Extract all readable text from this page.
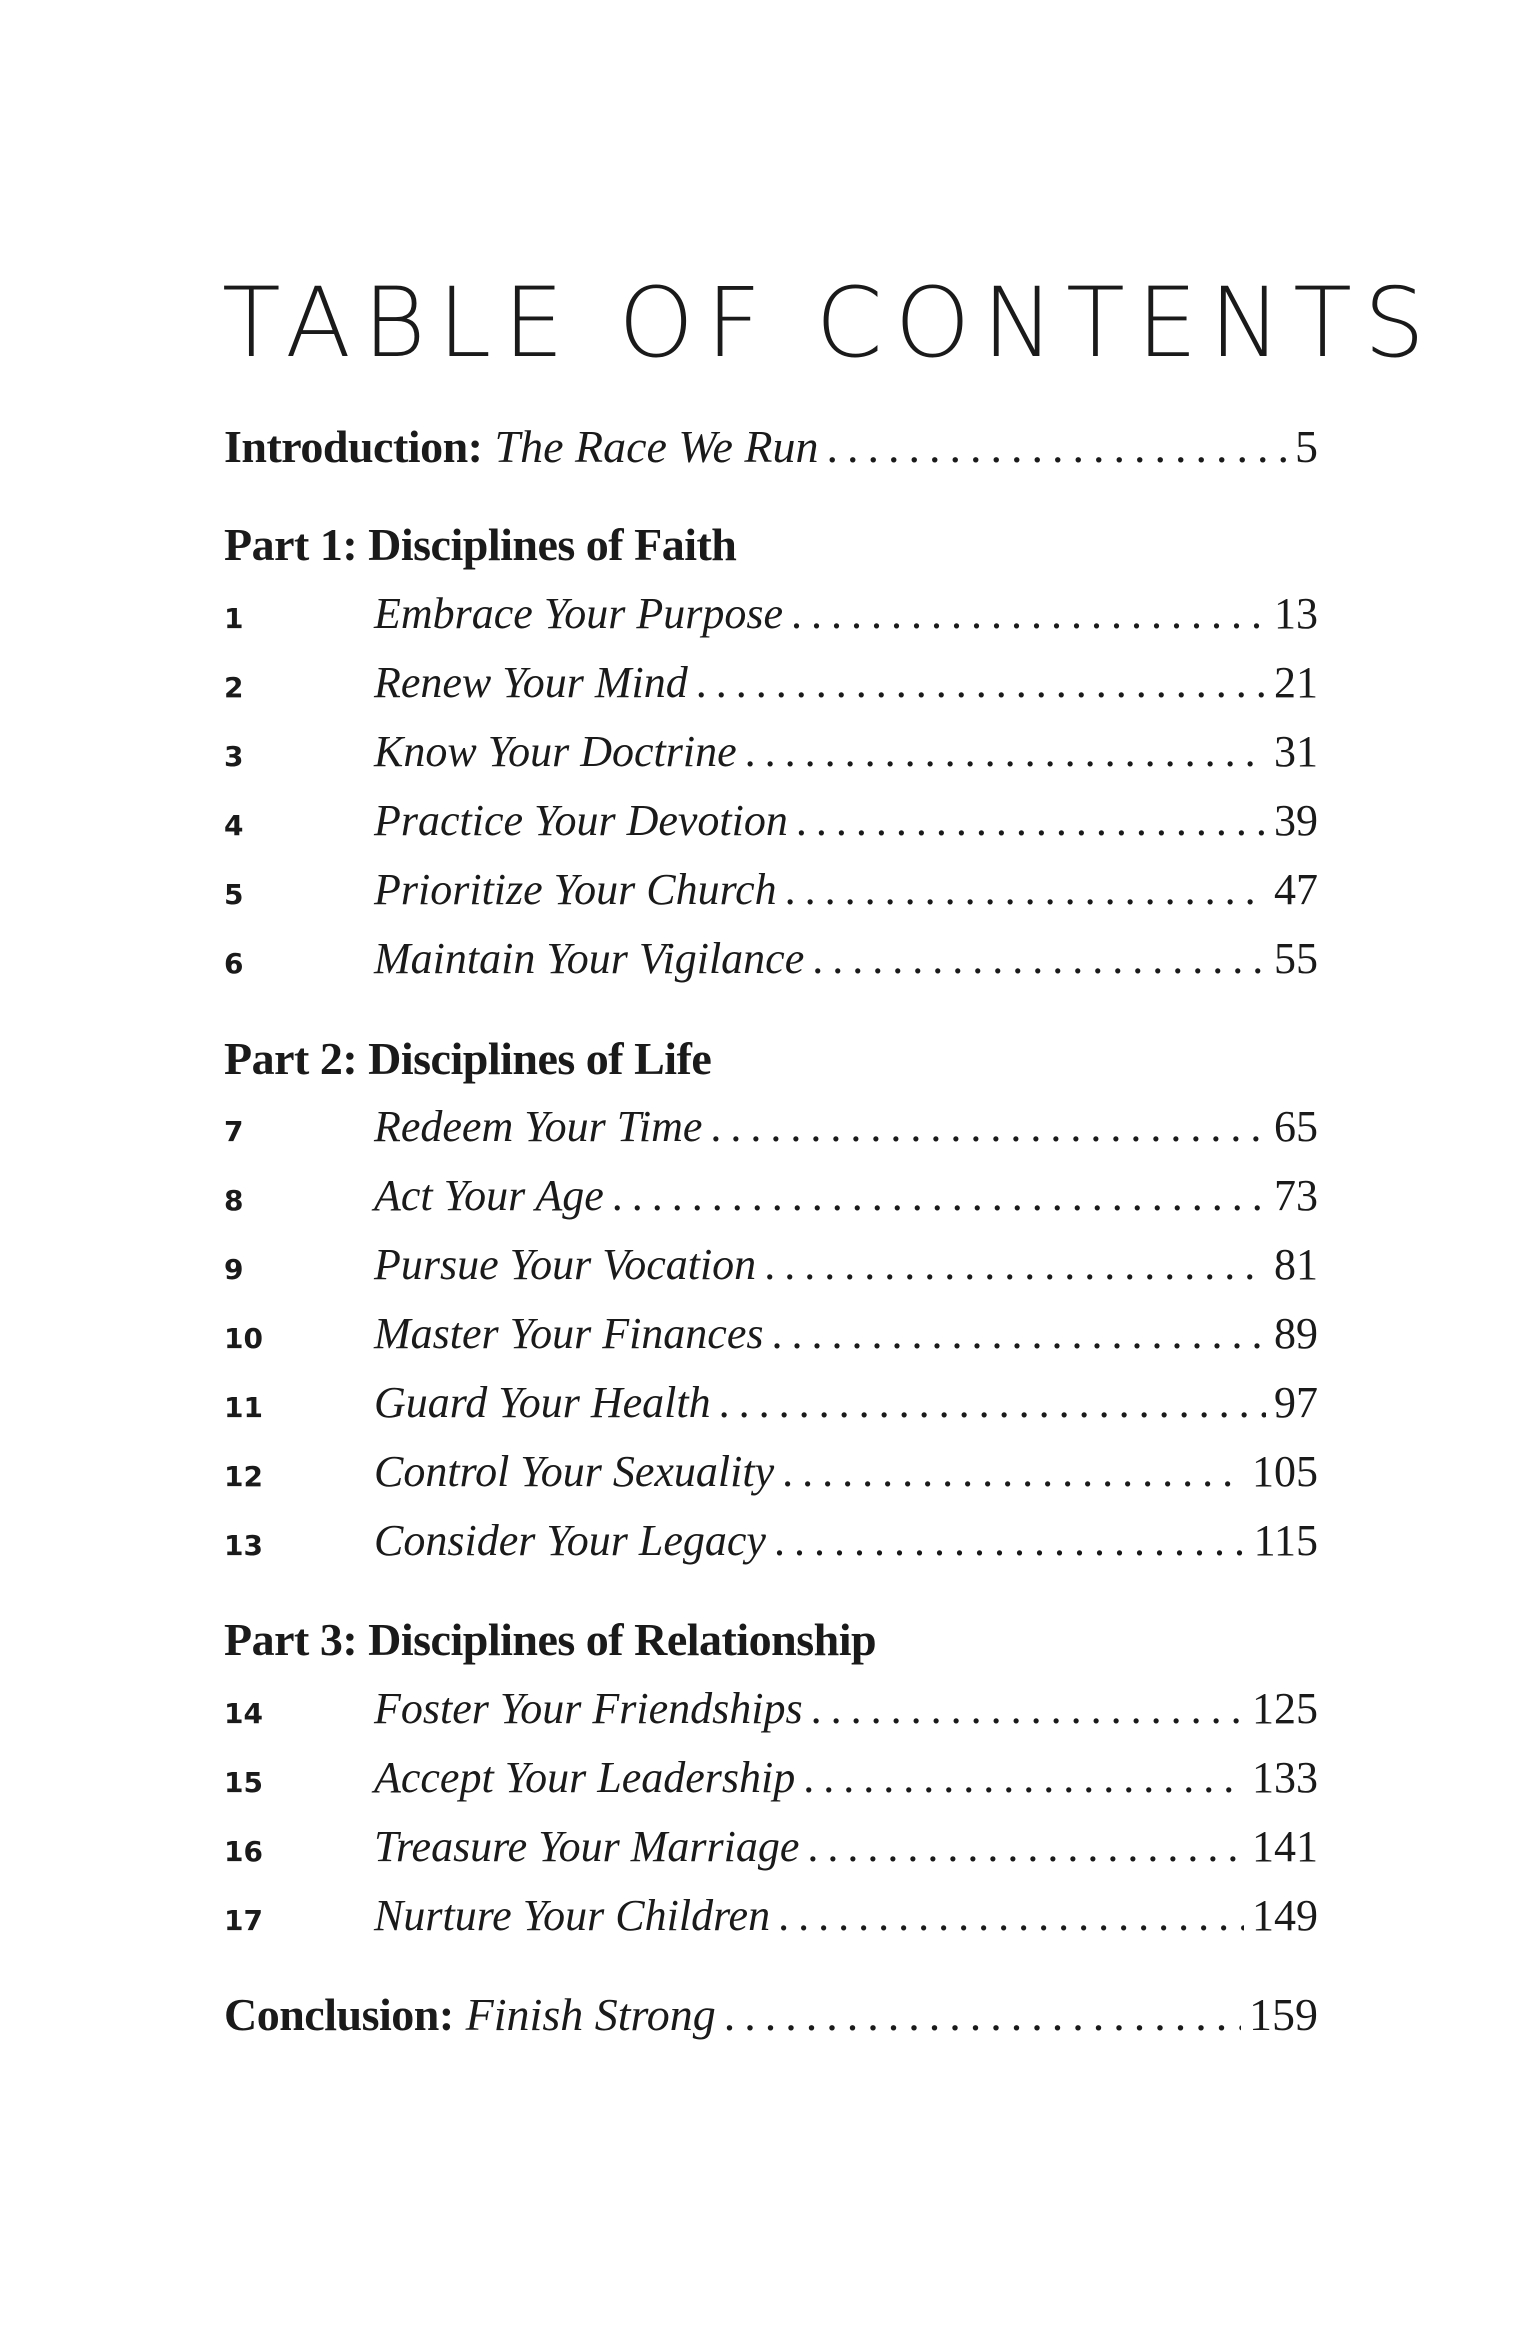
TABLE OF CONTENTS
Introduction: The Race We Run .....	5
Part 1: Disciplines of Faith
1	Embrace Your Purpose .....	13
2	Renew Your Mind .....	21
3	Know Your Doctrine .....	31
4	Practice Your Devotion .....	39
5	Prioritize Your Church .....	47
6	Maintain Your Vigilance .....	55
Part 2: Disciplines of Life
7	Redeem Your Time .....	65
8	Act Your Age .....	73
9	Pursue Your Vocation .....	81
10	Master Your Finances .....	89
11	Guard Your Health .....	97
12	Control Your Sexuality .....	105
13	Consider Your Legacy .....	115
Part 3: Disciplines of Relationship
14	Foster Your Friendships .....	125
15	Accept Your Leadership .....	133
16	Treasure Your Marriage .....	141
17	Nurture Your Children .....	149
Conclusion: Finish Strong .....	159
